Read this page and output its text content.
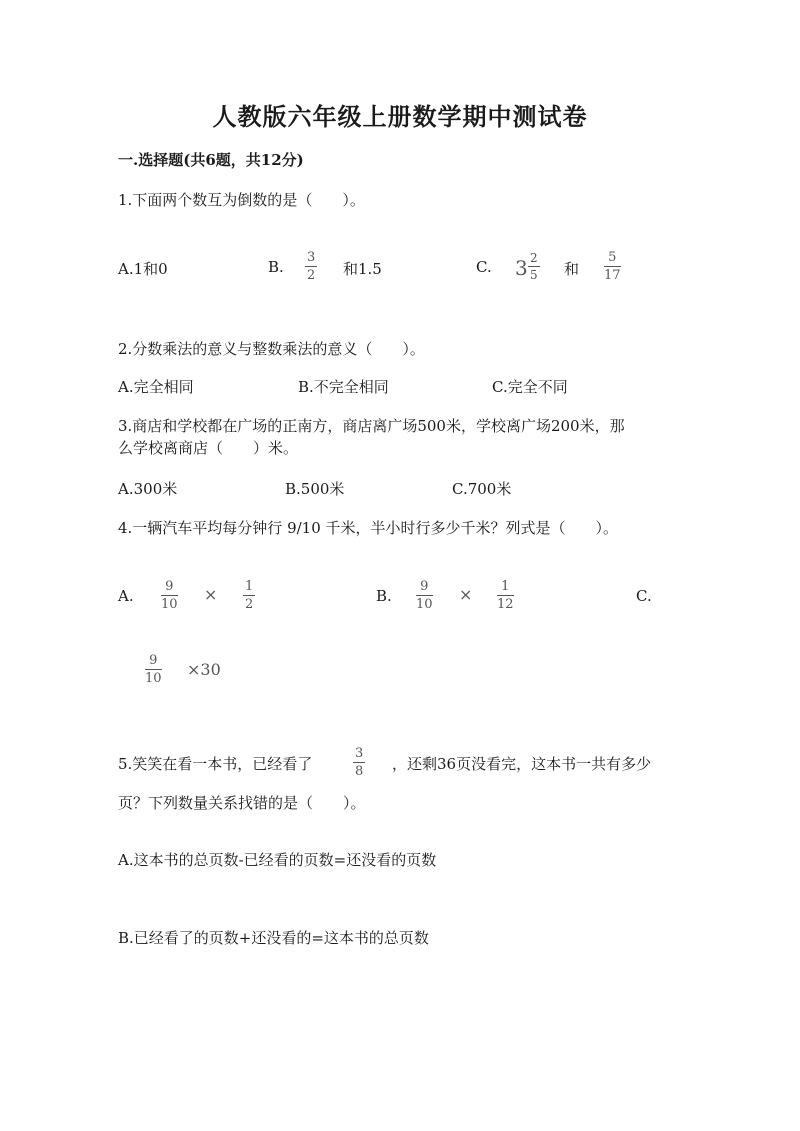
人教版六年级上册数学期中测试卷
一.选择题(共6题，共12分)
1.下面两个数互为倒数的是（　　）。
A.1和0	B.
3
2 和1.5	C. 3 2
5 和
5
17
2.分数乘法的意义与整数乘法的意义（　　）。
A.完全相同	B.不完全相同	C.完全不同
3.商店和学校都在广场的正南方，商店离广场500米，学校离广场200米，那
么学校离商店（　　）米。
A.300米	B.500米	C.700米
4.一辆汽车平均每分钟行 9/10 千米，半小时行多少千米？列式是（　　）。
A.
9
10
× 1
2	B.
9
10
× 1
12	C.
9
10 ×30
5.笑笑在看一本书，已经看了
3
8 ，还剩36页没看完，这本书一共有多少
页？下列数量关系找错的是（　　）。
A.这本书的总页数-已经看的页数=还没看的页数
B.已经看了的页数+还没看的=这本书的总页数
